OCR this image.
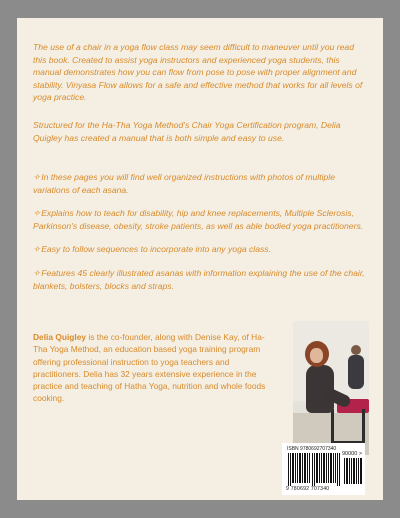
The use of a chair in a yoga flow class may seem difficult to maneuver until you read this book. Created to assist yoga instructors and experienced yoga students, this manual demonstrates how you can flow from pose to pose with proper alignment and stability. Vinyasa Flow allows for a safe and effective method that works for all levels of yoga practice.
Structured for the Ha-Tha Yoga Method's Chair Yoga Certification program, Delia Quigley has created a manual that is both simple and easy to use.
✧In these pages you will find well organized instructions with photos of multiple variations of each asana.
✧Explains how to teach for disability, hip and knee replacements, Multiple Sclerosis, Parkinson's disease, obesity, stroke patients, as well as able bodied yoga practitioners.
✧Easy to follow sequences to incorporate into any yoga class.
✧Features 45 clearly illustrated asanas with information explaining the use of the chair, blankets, bolsters, blocks and straps.
Delia Quigley is the co-founder, along with Denise Kay, of Ha-Tha Yoga Method, an education based yoga training program offering professional instruction to yoga teachers and practitioners. Delia has 32 years extensive experience in the practice and teaching of Hatha Yoga, nutrition and whole foods cooking.
ISBN 9780692707340
90000 >
9 780692 707340
